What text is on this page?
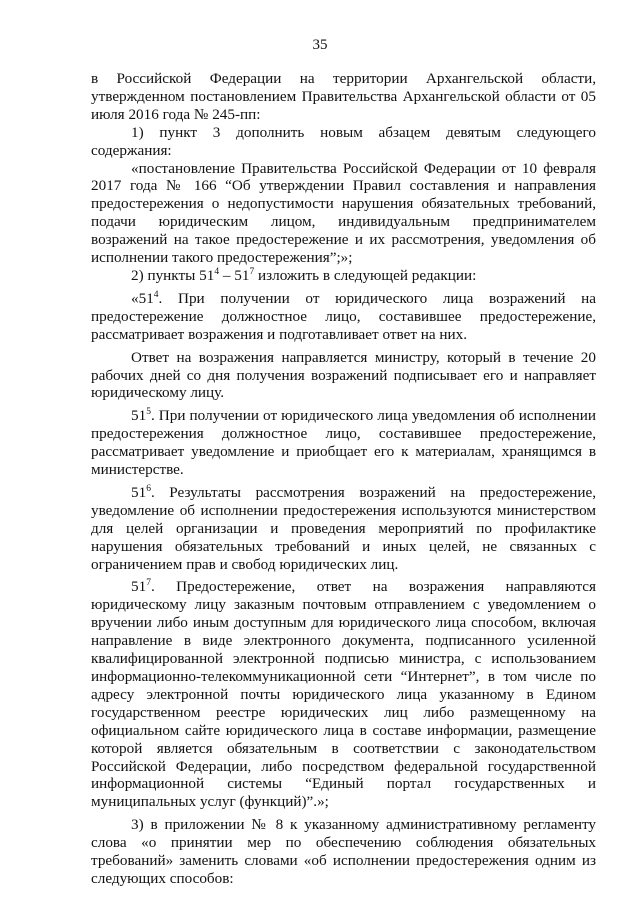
35

в Российской Федерации на территории Архангельской области, утвержденном постановлением Правительства Архангельской области от 05 июля 2016 года № 245-пп:

1) пункт 3 дополнить новым абзацем девятым следующего содержания:

«постановление Правительства Российской Федерации от 10 февраля 2017 года № 166 “Об утверждении Правил составления и направления предостережения о недопустимости нарушения обязательных требований, подачи юридическим лицом, индивидуальным предпринимателем возражений на такое предостережение и их рассмотрения, уведомления об исполнении такого предостережения”;»;

2) пункты $51^4 - 51^7$ изложить в следующей редакции:

«$51^4$. При получении от юридического лица возражений на предостережение должностное лицо, составившее предостережение, рассматривает возражения и подготавливает ответ на них.

Ответ на возражения направляется министру, который в течение 20 рабочих дней со дня получения возражений подписывает его и направляет юридическому лицу.

$51^5$. При получении от юридического лица уведомления об исполнении предостережения должностное лицо, составившее предостережение, рассматривает уведомление и приобщает его к материалам, хранящимся в министерстве.

$51^6$. Результаты рассмотрения возражений на предостережение, уведомление об исполнении предостережения используются министерством для целей организации и проведения мероприятий по профилактике нарушения обязательных требований и иных целей, не связанных с ограничением прав и свобод юридических лиц.

$51^7$. Предостережение, ответ на возражения направляются юридическому лицу заказным почтовым отправлением с уведомлением о вручении либо иным доступным для юридического лица способом, включая направление в виде электронного документа, подписанного усиленной квалифицированной электронной подписью министра, с использованием информационно-телекоммуникационной сети “Интернет”, в том числе по адресу электронной почты юридического лица указанному в Едином государственном реестре юридических лиц либо размещенному на официальном сайте юридического лица в составе информации, размещение которой является обязательным в соответствии с законодательством Российской Федерации, либо посредством федеральной государственной информационной системы “Единый портал государственных и муниципальных услуг (функций)”.»;

3) в приложении № 8 к указанному административному регламенту слова «о принятии мер по обеспечению соблюдения обязательных требований» заменить словами «об исполнении предостережения одним из следующих способов:
